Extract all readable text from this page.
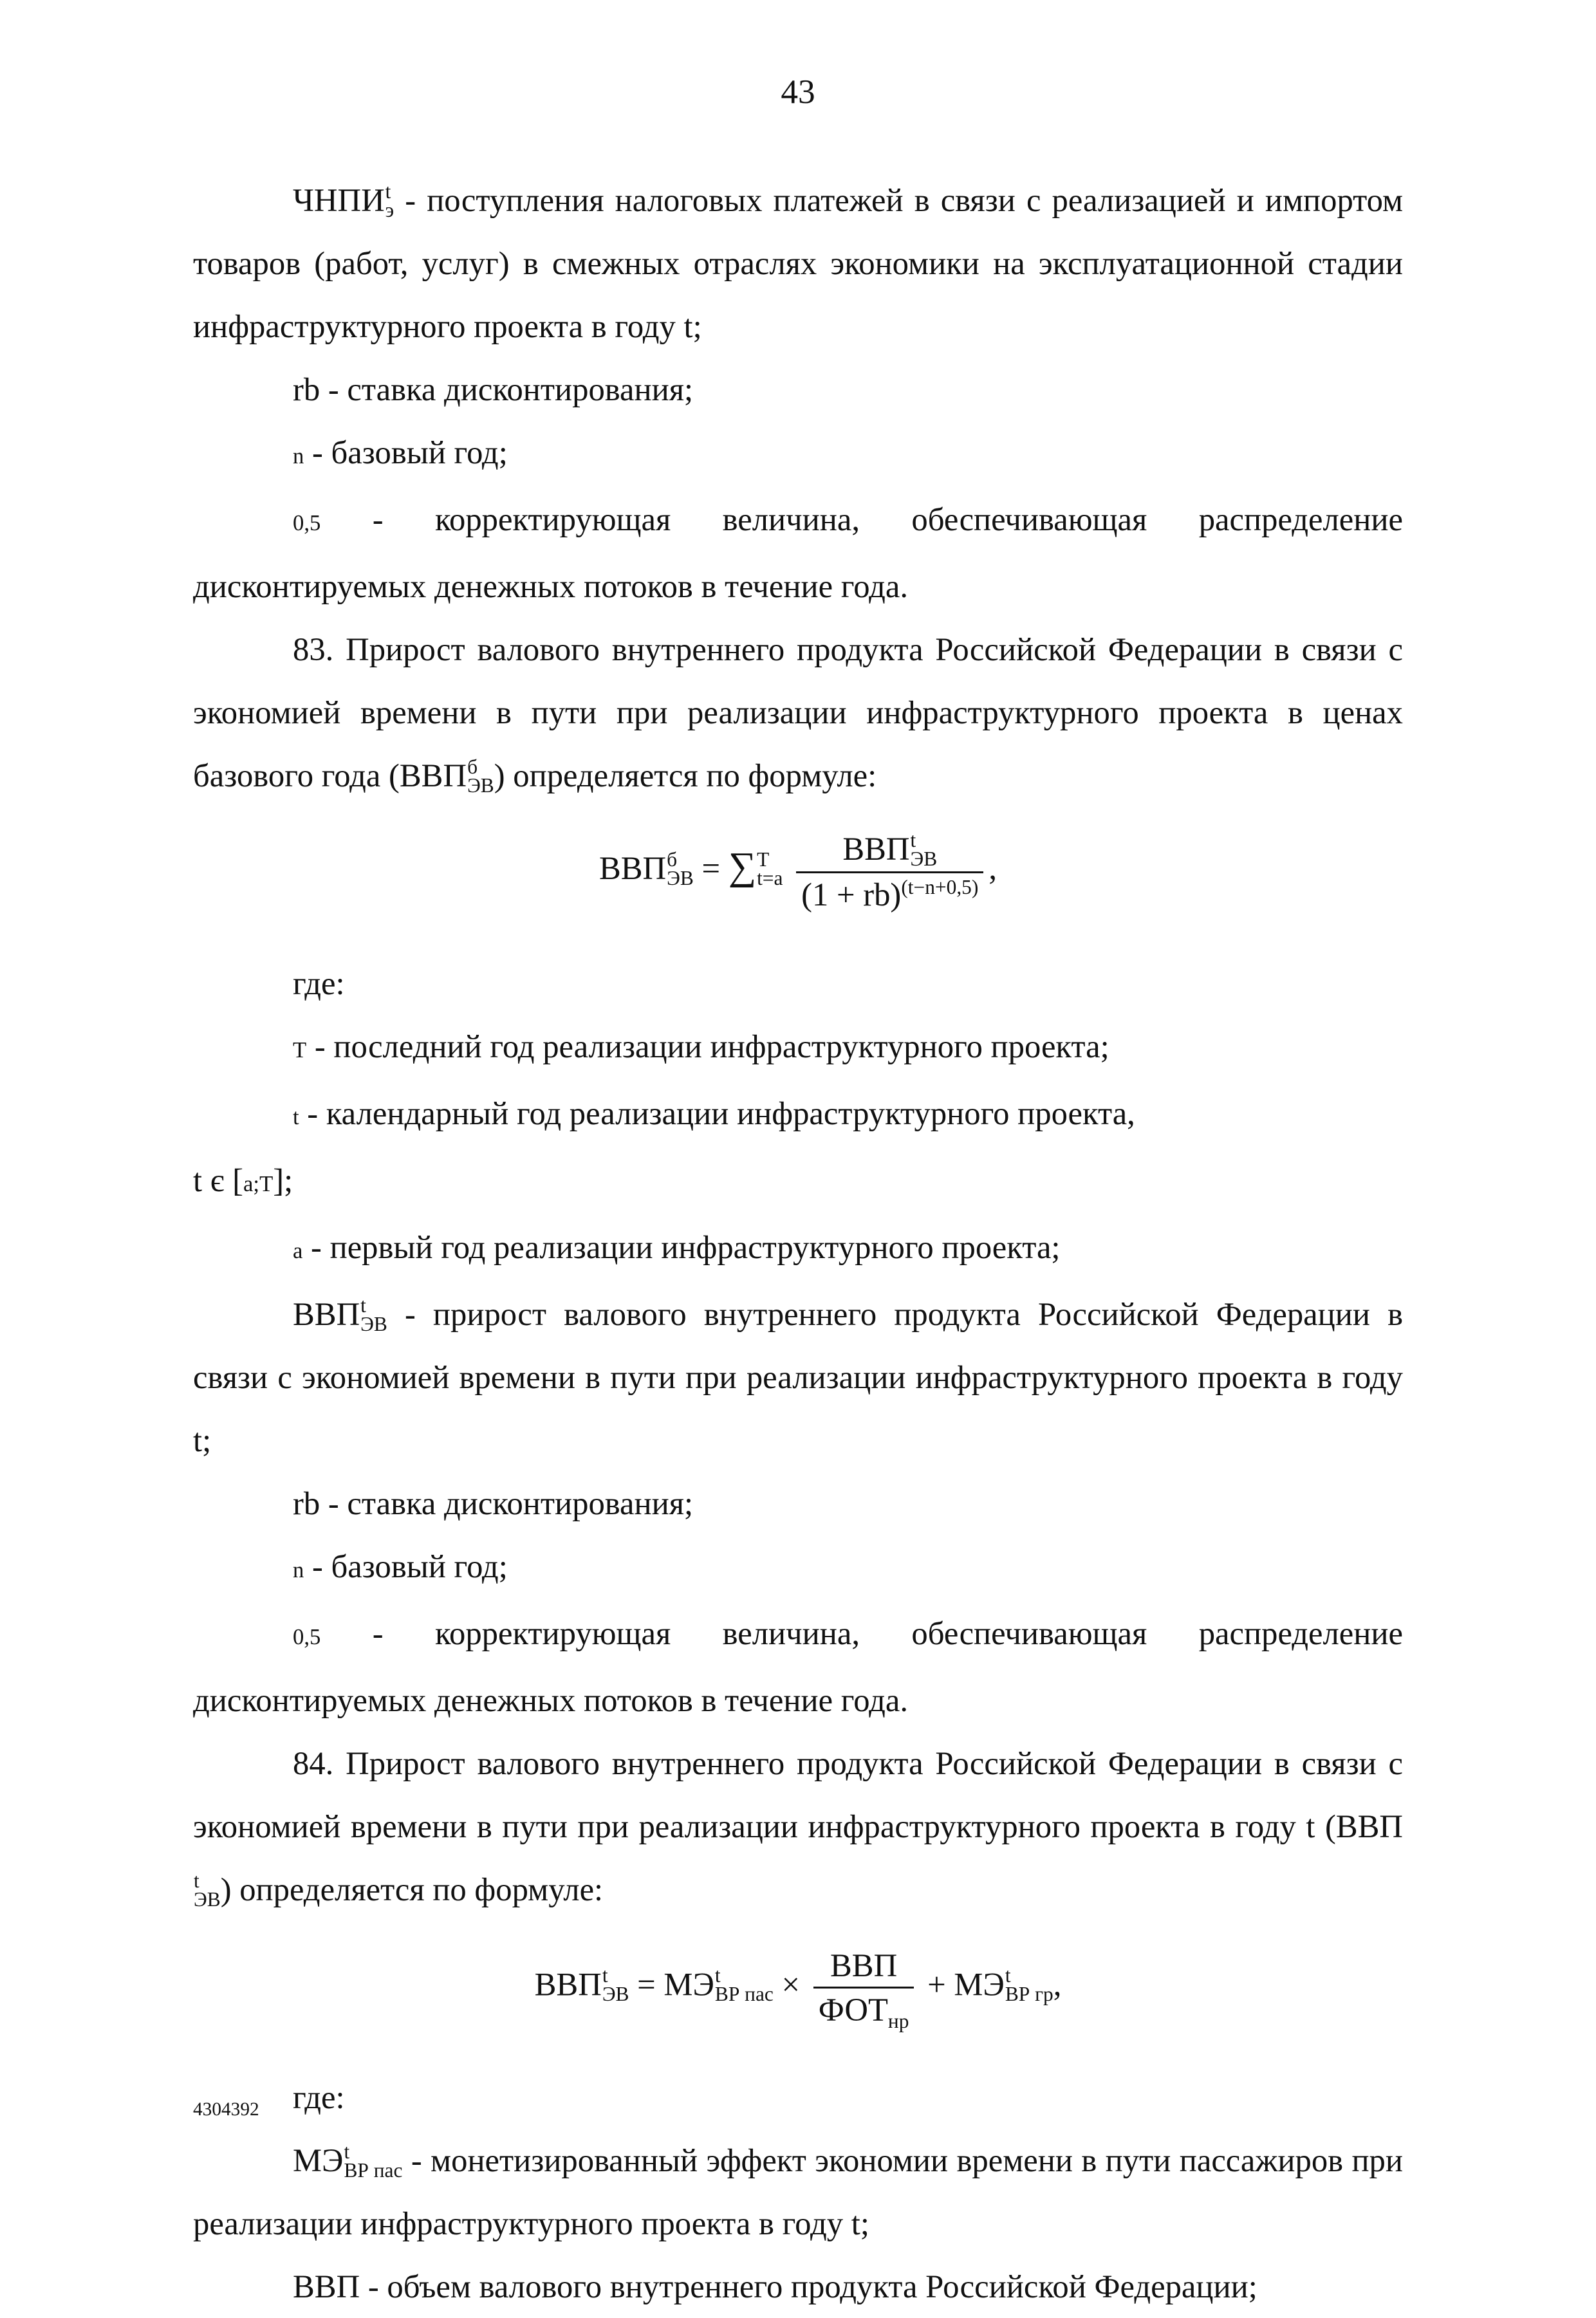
43

ЧНПИ t
э - поступления налоговых платежей в связи с реализацией и импортом товаров (работ, услуг) в смежных отраслях экономики на эксплуатационной стадии инфраструктурного проекта в году t;

rb - ставка дисконтирования;

n - базовый год;

0,5 - корректирующая величина, обеспечивающая распределение дисконтируемых денежных потоков в течение года.

83. Прирост валового внутреннего продукта Российской Федерации в связи с экономией времени в пути при реализации инфраструктурного проекта в ценах базового года (ВВП б
ЭВ ) определяется по формуле:

ВВП б
ЭВ = ∑ T
t=a
ВВП t
ЭВ
(1 + rb)$^{(t-n+0,5)}$ ,

где:

T - последний год реализации инфраструктурного проекта;

t - календарный год реализации инфраструктурного проекта,

t є [a;T];

a - первый год реализации инфраструктурного проекта;

ВВП t
ЭВ - прирост валового внутреннего продукта Российской Федерации в связи с экономией времени в пути при реализации инфраструктурного проекта в году t;

rb - ставка дисконтирования;

n - базовый год;

0,5 - корректирующая величина, обеспечивающая распределение дисконтируемых денежных потоков в течение года.

84. Прирост валового внутреннего продукта Российской Федерации в связи с экономией времени в пути при реализации инфраструктурного проекта в году t (ВВП
t
ЭВ ) определяется по формуле:

ВВП t
ЭВ = МЭ t
ВР пас × $\frac{\text{ВВП}}{ФОТ_{нр}}$ + МЭ t
ВР гр ,

где:

МЭ t
ВР пас - монетизированный эффект экономии времени в пути пассажиров при реализации инфраструктурного проекта в году t;

ВВП - объем валового внутреннего продукта Российской Федерации;

4304392
